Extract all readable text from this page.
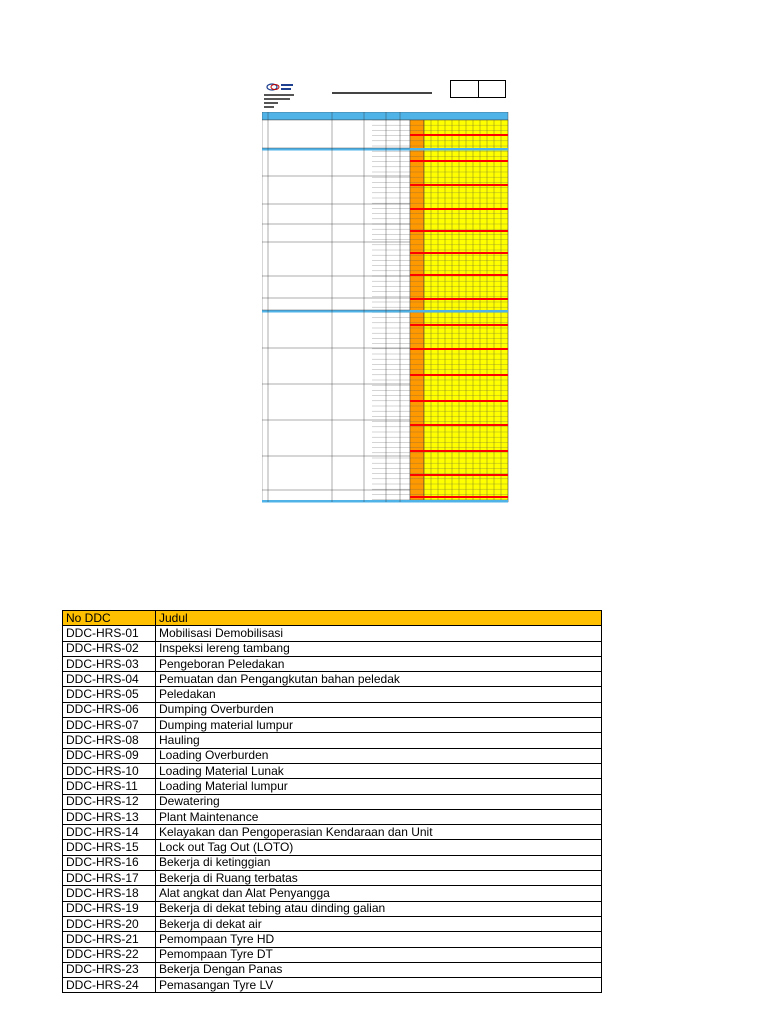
No DDC	Judul
DDC-HRS-01	Mobilisasi Demobilisasi
DDC-HRS-02	Inspeksi lereng tambang
DDC-HRS-03	Pengeboran Peledakan
DDC-HRS-04	Pemuatan dan Pengangkutan bahan peledak
DDC-HRS-05	Peledakan
DDC-HRS-06	Dumping Overburden
DDC-HRS-07	Dumping material lumpur
DDC-HRS-08	Hauling
DDC-HRS-09	Loading Overburden
DDC-HRS-10	Loading Material Lunak
DDC-HRS-11	Loading Material lumpur
DDC-HRS-12	Dewatering
DDC-HRS-13	Plant Maintenance
DDC-HRS-14	Kelayakan dan Pengoperasian Kendaraan dan Unit
DDC-HRS-15	Lock out Tag Out (LOTO)
DDC-HRS-16	Bekerja di ketinggian
DDC-HRS-17	Bekerja di Ruang terbatas
DDC-HRS-18	Alat angkat dan Alat Penyangga
DDC-HRS-19	Bekerja di dekat tebing atau dinding galian
DDC-HRS-20	Bekerja di dekat air
DDC-HRS-21	Pemompaan Tyre HD
DDC-HRS-22	Pemompaan Tyre DT
DDC-HRS-23	Bekerja Dengan Panas
DDC-HRS-24	Pemasangan Tyre LV
